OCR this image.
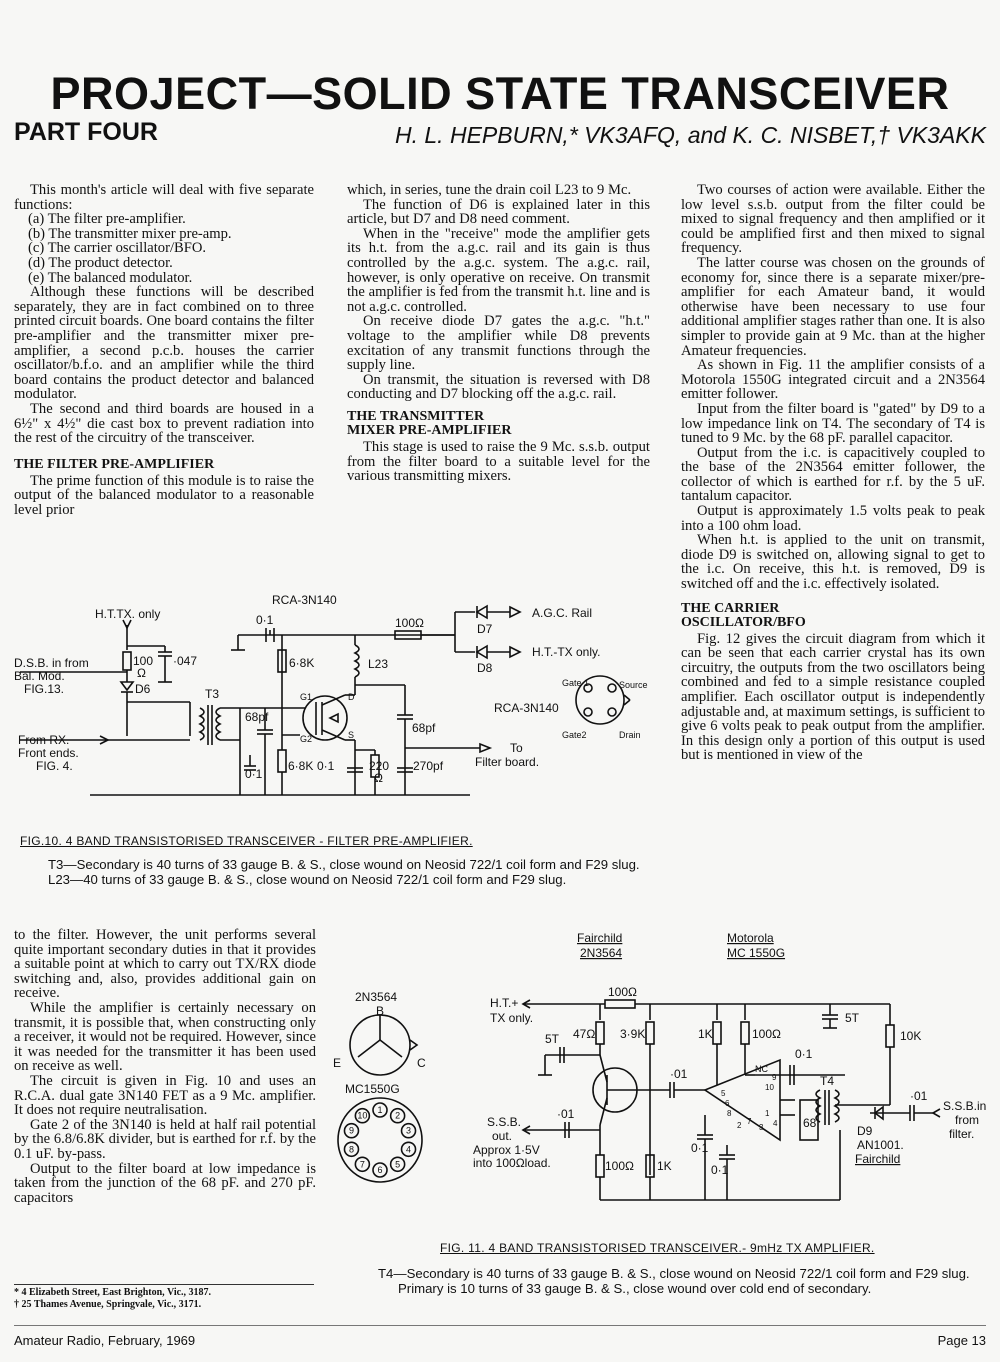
PROJECT—SOLID STATE TRANSCEIVER
PART FOUR	H. L. HEPBURN,* VK3AFQ, and K. C. NISBET,† VK3AKK

This month's article will deal with five separate functions:

(a) The filter pre-amplifier.
(b) The transmitter mixer pre-amp.
(c) The carrier oscillator/BFO.
(d) The product detector.
(e) The balanced modulator.

Although these functions will be described separately, they are in fact combined on to three printed circuit boards. One board contains the filter pre-amplifier and the transmitter mixer pre-amplifier, a second p.c.b. houses the carrier oscillator/b.f.o. and an amplifier while the third board contains the product detector and balanced modulator.

The second and third boards are housed in a 6½" x 4½" die cast box to prevent radiation into the rest of the circuitry of the transceiver.

THE FILTER PRE-AMPLIFIER

The prime function of this module is to raise the output of the balanced modulator to a reasonable level prior

which, in series, tune the drain coil L23 to 9 Mc.

The function of D6 is explained later in this article, but D7 and D8 need comment.

When in the "receive" mode the amplifier gets its h.t. from the a.g.c. rail and its gain is thus controlled by the a.g.c. system. The a.g.c. rail, however, is only operative on receive. On transmit the amplifier is fed from the transmit h.t. line and is not a.g.c. controlled.

On receive diode D7 gates the a.g.c. "h.t." voltage to the amplifier while D8 prevents excitation of any transmit functions through the supply line.

On transmit, the situation is reversed with D8 conducting and D7 blocking off the a.g.c. rail.

THE TRANSMITTER
MIXER PRE-AMPLIFIER

This stage is used to raise the 9 Mc. s.s.b. output from the filter board to a suitable level for the various transmitting mixers.

Two courses of action were available. Either the low level s.s.b. output from the filter could be mixed to signal frequency and then amplified or it could be amplified first and then mixed to signal frequency.

The latter course was chosen on the grounds of economy for, since there is a separate mixer/pre-amplifier for each Amateur band, it would otherwise have been necessary to use four additional amplifier stages rather than one. It is also simpler to provide gain at 9 Mc. than at the higher Amateur frequencies.

As shown in Fig. 11 the amplifier consists of a Motorola 1550G integrated circuit and a 2N3564 emitter follower.

Input from the filter board is "gated" by D9 to a low impedance link on T4. The secondary of T4 is tuned to 9 Mc. by the 68 pF. parallel capacitor.

Output from the i.c. is capacitively coupled to the base of the 2N3564 emitter follower, the collector of which is earthed for r.f. by the 5 uF. tantalum capacitor.

Output is approximately 1.5 volts peak to peak into a 100 ohm load.

When h.t. is applied to the unit on transmit, diode D9 is switched on, allowing signal to get to the i.c. On receive, this h.t. is removed, D9 is switched off and the i.c. effectively isolated.

THE CARRIER
OSCILLATOR/BFO

Fig. 12 gives the circuit diagram from which it can be seen that each carrier crystal has its own circuitry, the outputs from the two oscillators being combined and fed to a simple resistance coupled amplifier. Each oscillator output is independently adjustable and, at maximum settings, is sufficient to give 6 volts peak to peak output from the amplifier. In this design only a portion of this output is used but is mentioned in view of the

to the filter. However, the unit performs several quite important secondary duties in that it provides a suitable point at which to carry out TX/RX diode switching and, also, provides additional gain on receive.

While the amplifier is certainly necessary on transmit, it is possible that, when constructing only a receiver, it would not be required. However, since it was needed for the transmitter it has been used on receive as well.

The circuit is given in Fig. 10 and uses an R.C.A. dual gate 3N140 FET as a 9 Mc. amplifier. It does not require neutralisation.

Gate 2 of the 3N140 is held at half rail potential by the 6.8/6.8K divider, but is earthed for r.f. by the 0.1 uF. by-pass.

Output to the filter board at low impedance is taken from the junction of the 68 pF. and 270 pF. capacitors

* 4 Elizabeth Street, East Brighton, Vic., 3187.
† 25 Thames Avenue, Springvale, Vic., 3171.
H.T.TX. only
RCA-3N140
0·1	100Ω
A.G.C. Rail
D7
H.T.-TX only.
D8
D.S.B. in from
Bal. Mod.
FIG.13.
100
Ω
·047
D6
6·8K	L23
T3
68pf
G1
G2
D
S	68pf
From RX.
Front ends.
FIG. 4.
To
Filter board.
0·1
6·8K 0·1	220
Ω
270pf
RCA-3N140
Gate 1	Source
Gate2	Drain
FIG.10. 4 BAND TRANSISTORISED TRANSCEIVER - FILTER PRE-AMPLIFIER.

T3—Secondary is 40 turns of 33 gauge B. & S., close wound on Neosid 722/1 coil form and F29 slug.

L23—40 turns of 33 gauge B. & S., close wound on Neosid 722/1 coil form and F29 slug.

2N3564
B
E	C
MC1550G
1
2
3
4
5
6
7
8
9
10
Fairchild
2N3564
Motorola
MC 1550G
H.T.+
TX only.
100Ω
5T
47Ω 3·9K	1K	100Ω	10K
5T
0·1
·01	NC
T4
·01
S.S.B.in
from
filter.
S.S.B.
out.
Approx 1·5V
into 100Ωload.
·01
100Ω 1K
0·1
0·1
68
D9
AN1001.
Fairchild
1
2 3 4
5
6
7
8
9
10
FIG. 11. 4 BAND TRANSISTORISED TRANSCEIVER.- 9mHz TX AMPLIFIER.

T4—Secondary is 40 turns of 33 gauge B. & S., close wound on Neosid 722/1 coil form and F29 slug. Primary is 10 turns of 33 gauge B. & S., close wound over cold end of secondary.

Amateur Radio, February, 1969	Page 13
